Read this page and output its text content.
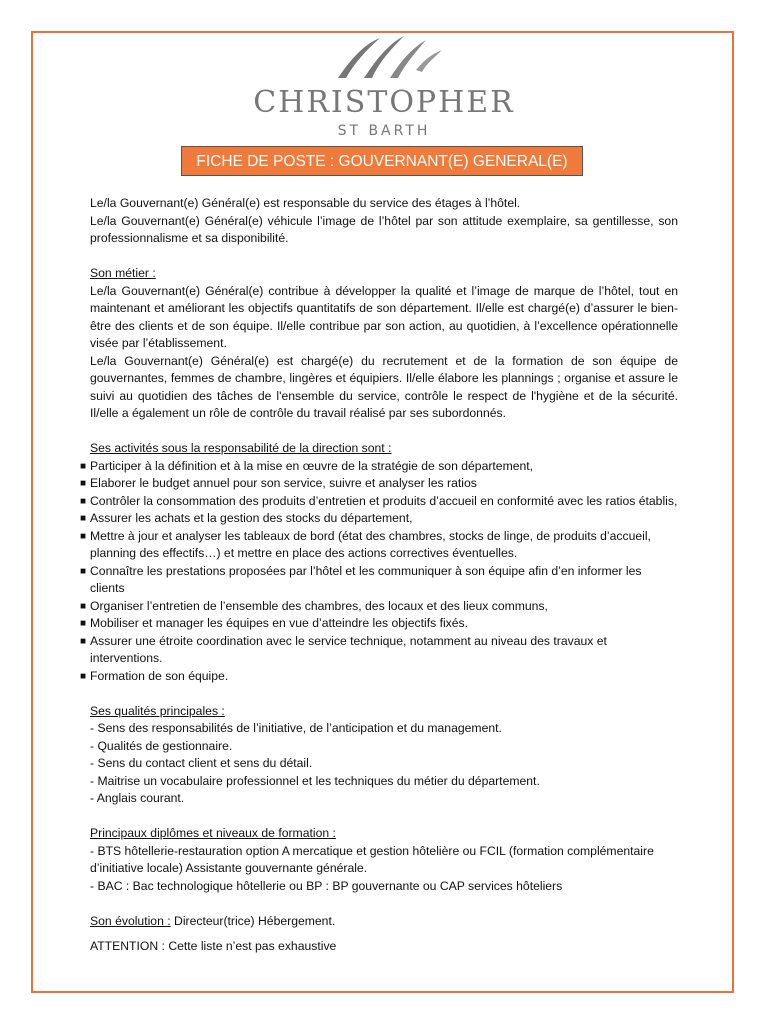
CHRISTOPHER
ST BARTH
FICHE DE POSTE : GOUVERNANT(E) GENERAL(E)

Le/la Gouvernant(e) Général(e) est responsable du service des étages à l’hôtel.

Le/la Gouvernant(e) Général(e) véhicule l’image de l’hôtel par son attitude exemplaire, sa gentillesse, son professionnalisme et sa disponibilité.

Son métier :

Le/la Gouvernant(e) Général(e) contribue à développer la qualité et l’image de marque de l’hôtel, tout en maintenant et améliorant les objectifs quantitatifs de son département. Il/elle est chargé(e) d’assurer le bien-être des clients et de son équipe. Il/elle contribue par son action, au quotidien, à l’excellence opérationnelle visée par l’établissement.

Le/la Gouvernant(e) Général(e) est chargé(e) du recrutement et de la formation de son équipe de gouvernantes, femmes de chambre, lingères et équipiers. Il/elle élabore les plannings ; organise et assure le suivi au quotidien des tâches de l'ensemble du service, contrôle le respect de l'hygiène et de la sécurité. Il/elle a également un rôle de contrôle du travail réalisé par ses subordonnés.

Ses activités sous la responsabilité de la direction sont :

■ Participer à la définition et à la mise en œuvre de la stratégie de son département,
■ Elaborer le budget annuel pour son service, suivre et analyser les ratios
■ Contrôler la consommation des produits d’entretien et produits d’accueil en conformité avec les ratios établis,
■ Assurer les achats et la gestion des stocks du département,
■ Mettre à jour et analyser les tableaux de bord (état des chambres, stocks de linge, de produits d’accueil, planning des effectifs…) et mettre en place des actions correctives éventuelles.
■ Connaître les prestations proposées par l’hôtel et les communiquer à son équipe afin d’en informer les clients
■ Organiser l’entretien de l’ensemble des chambres, des locaux et des lieux communs,
■ Mobiliser et manager les équipes en vue d’atteindre les objectifs fixés.
■ Assurer une étroite coordination avec le service technique, notamment au niveau des travaux et interventions.
■ Formation de son équipe.

Ses qualités principales :

- Sens des responsabilités de l’initiative, de l’anticipation et du management.

- Qualités de gestionnaire.

- Sens du contact client et sens du détail.

- Maitrise un vocabulaire professionnel et les techniques du métier du département.

- Anglais courant.

Principaux diplômes et niveaux de formation :

- BTS hôtellerie-restauration option A mercatique et gestion hôtelière ou FCIL (formation complémentaire d’initiative locale) Assistante gouvernante générale.

- BAC : Bac technologique hôtellerie ou BP : BP gouvernante ou CAP services hôteliers

Son évolution : Directeur(trice) Hébergement.

ATTENTION : Cette liste n’est pas exhaustive
